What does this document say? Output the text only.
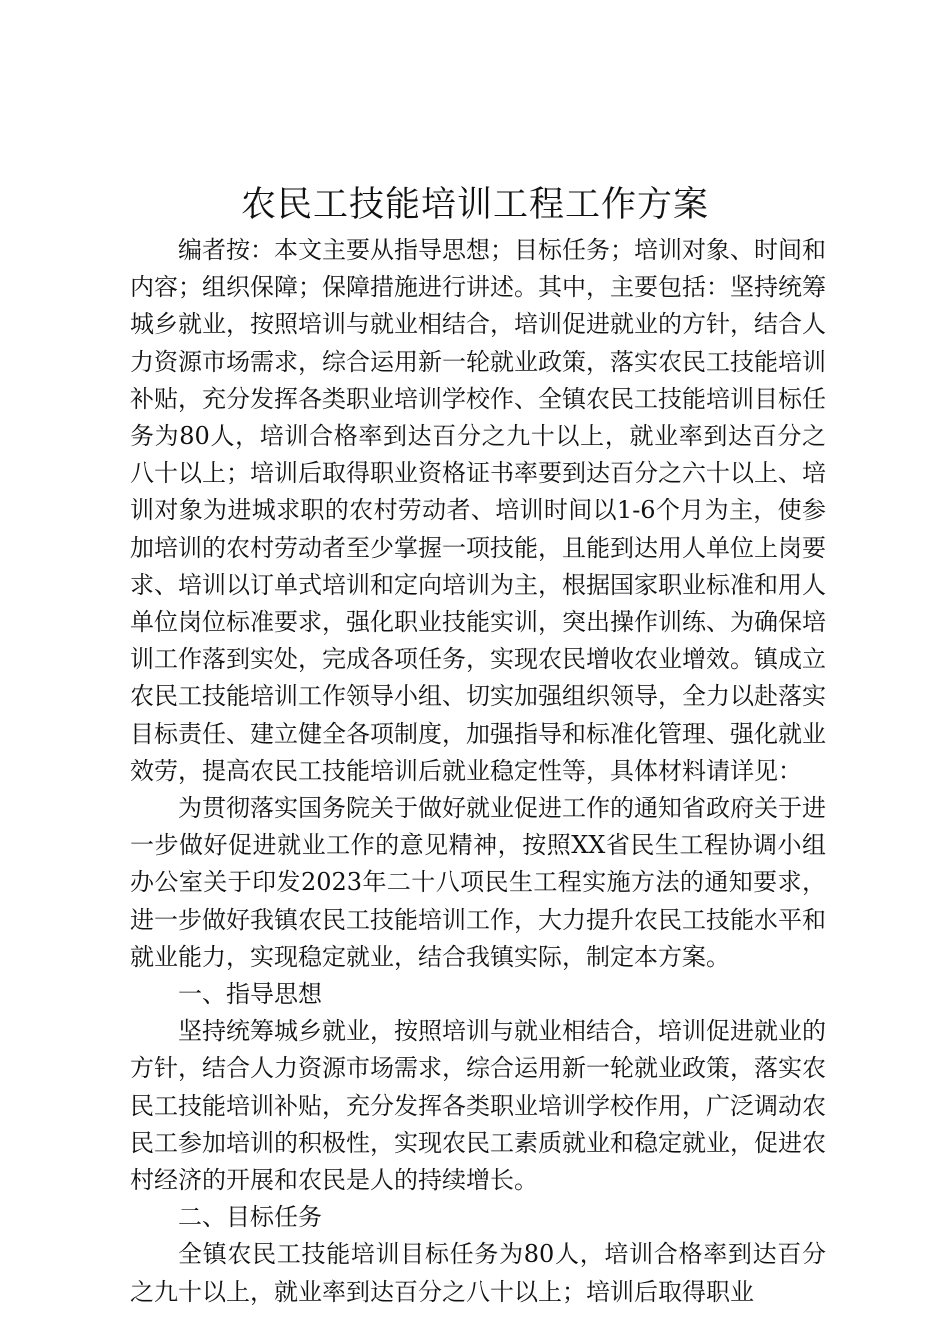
农民工技能培训工程工作方案

编者按：本文主要从指导思想；目标任务；培训对象、时间和内容；组织保障；保障措施进行讲述。其中，主要包括：坚持统筹城乡就业，按照培训与就业相结合，培训促进就业的方针，结合人力资源市场需求，综合运用新一轮就业政策，落实农民工技能培训补贴，充分发挥各类职业培训学校作、全镇农民工技能培训目标任务为80人，培训合格率到达百分之九十以上，就业率到达百分之八十以上；培训后取得职业资格证书率要到达百分之六十以上、培训对象为进城求职的农村劳动者、培训时间以1-6个月为主，使参加培训的农村劳动者至少掌握一项技能，且能到达用人单位上岗要求、培训以订单式培训和定向培训为主，根据国家职业标准和用人单位岗位标准要求，强化职业技能实训，突出操作训练、为确保培训工作落到实处，完成各项任务，实现农民增收农业增效。镇成立农民工技能培训工作领导小组、切实加强组织领导，全力以赴落实目标责任、建立健全各项制度，加强指导和标准化管理、强化就业效劳，提高农民工技能培训后就业稳定性等，具体材料请详见：

为贯彻落实国务院关于做好就业促进工作的通知省政府关于进一步做好促进就业工作的意见精神，按照XX省民生工程协调小组办公室关于印发2023年二十八项民生工程实施方法的通知要求，进一步做好我镇农民工技能培训工作，大力提升农民工技能水平和就业能力，实现稳定就业，结合我镇实际，制定本方案。

一、指导思想

坚持统筹城乡就业，按照培训与就业相结合，培训促进就业的方针，结合人力资源市场需求，综合运用新一轮就业政策，落实农民工技能培训补贴，充分发挥各类职业培训学校作用，广泛调动农民工参加培训的积极性，实现农民工素质就业和稳定就业，促进农村经济的开展和农民是人的持续增长。

二、目标任务

全镇农民工技能培训目标任务为80人，培训合格率到达百分之九十以上，就业率到达百分之八十以上；培训后取得职业
